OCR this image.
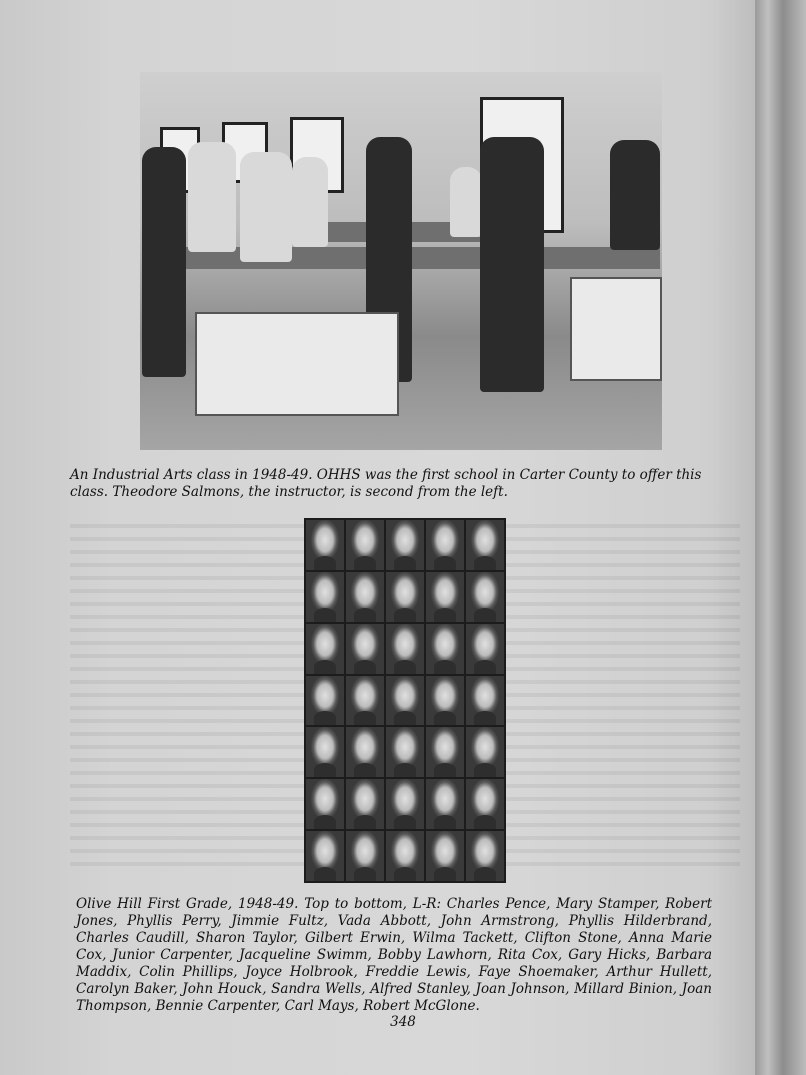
An Industrial Arts class in 1948-49. OHHS was the first school in Carter County to offer this class. Theodore Salmons, the instructor, is second from the left.

Olive Hill First Grade, 1948-49. Top to bottom, L-R: Charles Pence, Mary Stamper, Robert Jones, Phyllis Perry, Jimmie Fultz, Vada Abbott, John Armstrong, Phyllis Hilderbrand, Charles Caudill, Sharon Taylor, Gilbert Erwin, Wilma Tackett, Clifton Stone, Anna Marie Cox, Junior Carpenter, Jacqueline Swimm, Bobby Lawhorn, Rita Cox, Gary Hicks, Barbara Maddix, Colin Phillips, Joyce Holbrook, Freddie Lewis, Faye Shoemaker, Arthur Hullett, Carolyn Baker, John Houck, Sandra Wells, Alfred Stanley, Joan Johnson, Millard Binion, Joan Thompson, Bennie Carpenter, Carl Mays, Robert McGlone.

348
